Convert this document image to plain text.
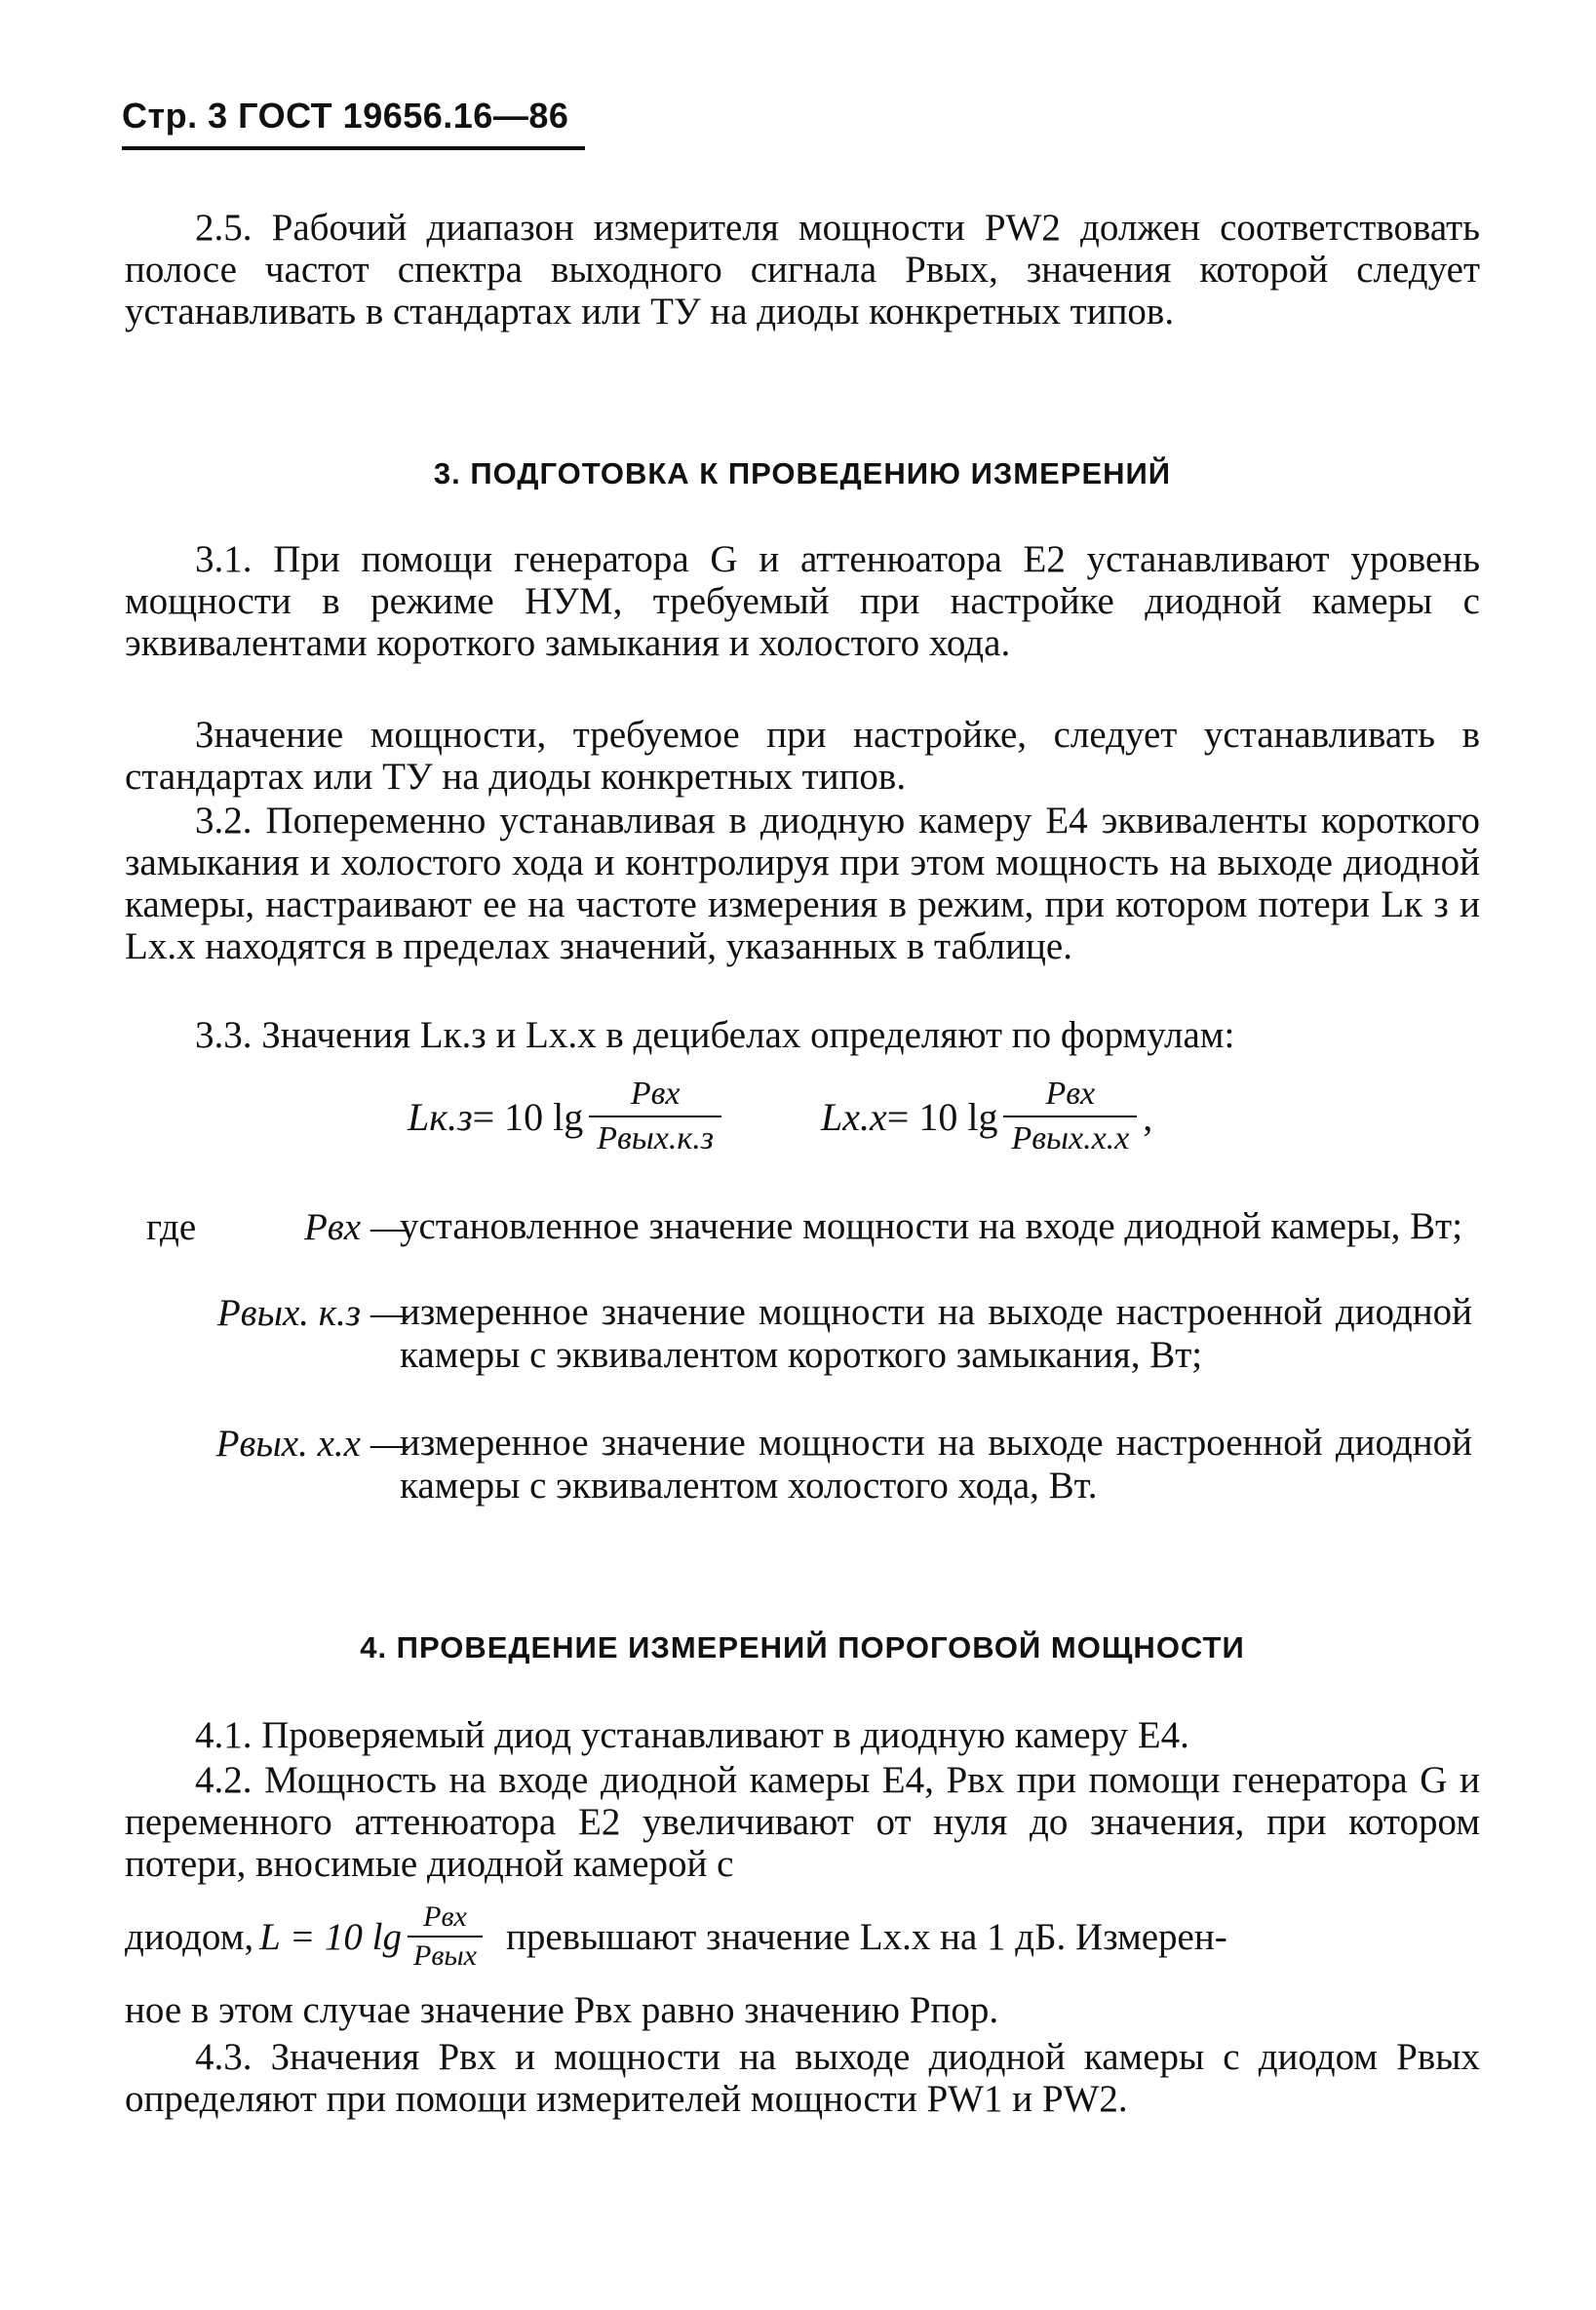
Стр. 3 ГОСТ 19656.16—86
2.5. Рабочий диапазон измерителя мощности PW2 должен соответствовать полосе частот спектра выходного сигнала Pвых, значения которой следует устанавливать в стандартах или ТУ на диоды конкретных типов.
3. ПОДГОТОВКА К ПРОВЕДЕНИЮ ИЗМЕРЕНИЙ
3.1. При помощи генератора G и аттенюатора E2 устанавливают уровень мощности в режиме НУМ, требуемый при настройке диодной камеры с эквивалентами короткого замыкания и холостого хода.
Значение мощности, требуемое при настройке, следует устанавливать в стандартах или ТУ на диоды конкретных типов.
3.2. Попеременно устанавливая в диодную камеру E4 эквиваленты короткого замыкания и холостого хода и контролируя при этом мощность на выходе диодной камеры, настраивают ее на частоте измерения в режим, при котором потери Lк з и Lx.x находятся в пределах значений, указанных в таблице.
3.3. Значения Lк.з и Lx.x в децибелах определяют по формулам:
Lк.з = 10 $\lg \frac{\text{Pвх}}{\text{Pвых.к.з}}$	Lx.x = 10 $\lg \frac{\text{Pвх}}{\text{Pвых.x.x}}$ ,
где	Pвх —
установленное значение мощности на входе диодной камеры, Вт;
Pвых. к.з —
измеренное значение мощности на выходе настроенной диодной камеры с эквивалентом короткого замыкания, Вт;
Pвых. x.x —
измеренное значение мощности на выходе настроенной диодной камеры с эквивалентом холостого хода, Вт.
4. ПРОВЕДЕНИЕ ИЗМЕРЕНИЙ ПОРОГОВОЙ МОЩНОСТИ
4.1. Проверяемый диод устанавливают в диодную камеру E4.
4.2. Мощность на входе диодной камеры E4, Pвх при помощи генератора G и переменного аттенюатора E2 увеличивают от нуля до значения, при котором потери, вносимые диодной камерой с
диодом, L = 10 $\lg \frac{\text{Pвх}}{\text{Pвых}}$ превышают значение Lx.x на 1 дБ. Измерен-
ное в этом случае значение Pвх равно значению Pпор.
4.3. Значения Pвх и мощности на выходе диодной камеры с диодом Pвых определяют при помощи измерителей мощности PW1 и PW2.
